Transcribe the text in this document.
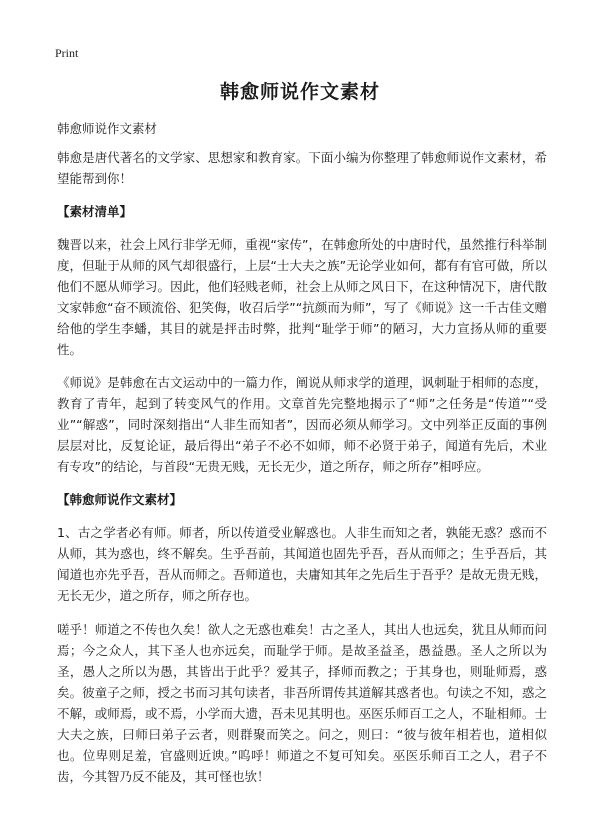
Print
韩愈师说作文素材

韩愈师说作文素材

韩愈是唐代著名的文学家、思想家和教育家。下面小编为你整理了韩愈师说作文素材，希望能帮到你！

【素材清单】

魏晋以来，社会上风行非学无师，重视“家传”，在韩愈所处的中唐时代，虽然推行科举制度，但耻于从师的风气却很盛行，上层“士大夫之族”无论学业如何，都有有官可做，所以他们不愿从师学习。因此，他们轻贱老师，社会上从师之风日下，在这种情况下，唐代散文家韩愈“奋不顾流俗、犯笑侮，收召后学”“抗颜而为师”，写了《师说》这一千古佳文赠给他的学生李蟠，其目的就是抨击时弊，批判“耻学于师”的陋习，大力宣扬从师的重要性。

《师说》是韩愈在古文运动中的一篇力作，阐说从师求学的道理，讽刺耻于相师的态度，教育了青年，起到了转变风气的作用。文章首先完整地揭示了“师”之任务是“传道”“受业”“解惑”，同时深刻指出“人非生而知者”，因而必须从师学习。文中列举正反面的事例层层对比，反复论证，最后得出“弟子不必不如师，师不必贤于弟子，闻道有先后，术业有专攻”的结论，与首段“无贵无贱，无长无少，道之所存，师之所存”相呼应。

【韩愈师说作文素材】

1、古之学者必有师。师者，所以传道受业解惑也。人非生而知之者，孰能无惑？惑而不从师，其为惑也，终不解矣。生乎吾前，其闻道也固先乎吾，吾从而师之；生乎吾后，其闻道也亦先乎吾，吾从而师之。吾师道也，夫庸知其年之先后生于吾乎？是故无贵无贱，无长无少，道之所存，师之所存也。

嗟乎！师道之不传也久矣！欲人之无惑也难矣！古之圣人，其出人也远矣，犹且从师而问焉；今之众人，其下圣人也亦远矣，而耻学于师。是故圣益圣，愚益愚。圣人之所以为圣，愚人之所以为愚，其皆出于此乎？爱其子，择师而教之；于其身也，则耻师焉，惑矣。彼童子之师，授之书而习其句读者，非吾所谓传其道解其惑者也。句读之不知，惑之不解，或师焉，或不焉，小学而大遗，吾未见其明也。巫医乐师百工之人，不耻相师。士大夫之族，曰师曰弟子云者，则群聚而笑之。问之，则曰：“彼与彼年相若也，道相似也。位卑则足羞，官盛则近谀。”呜呼！师道之不复可知矣。巫医乐师百工之人，君子不齿，今其智乃反不能及，其可怪也欤！
